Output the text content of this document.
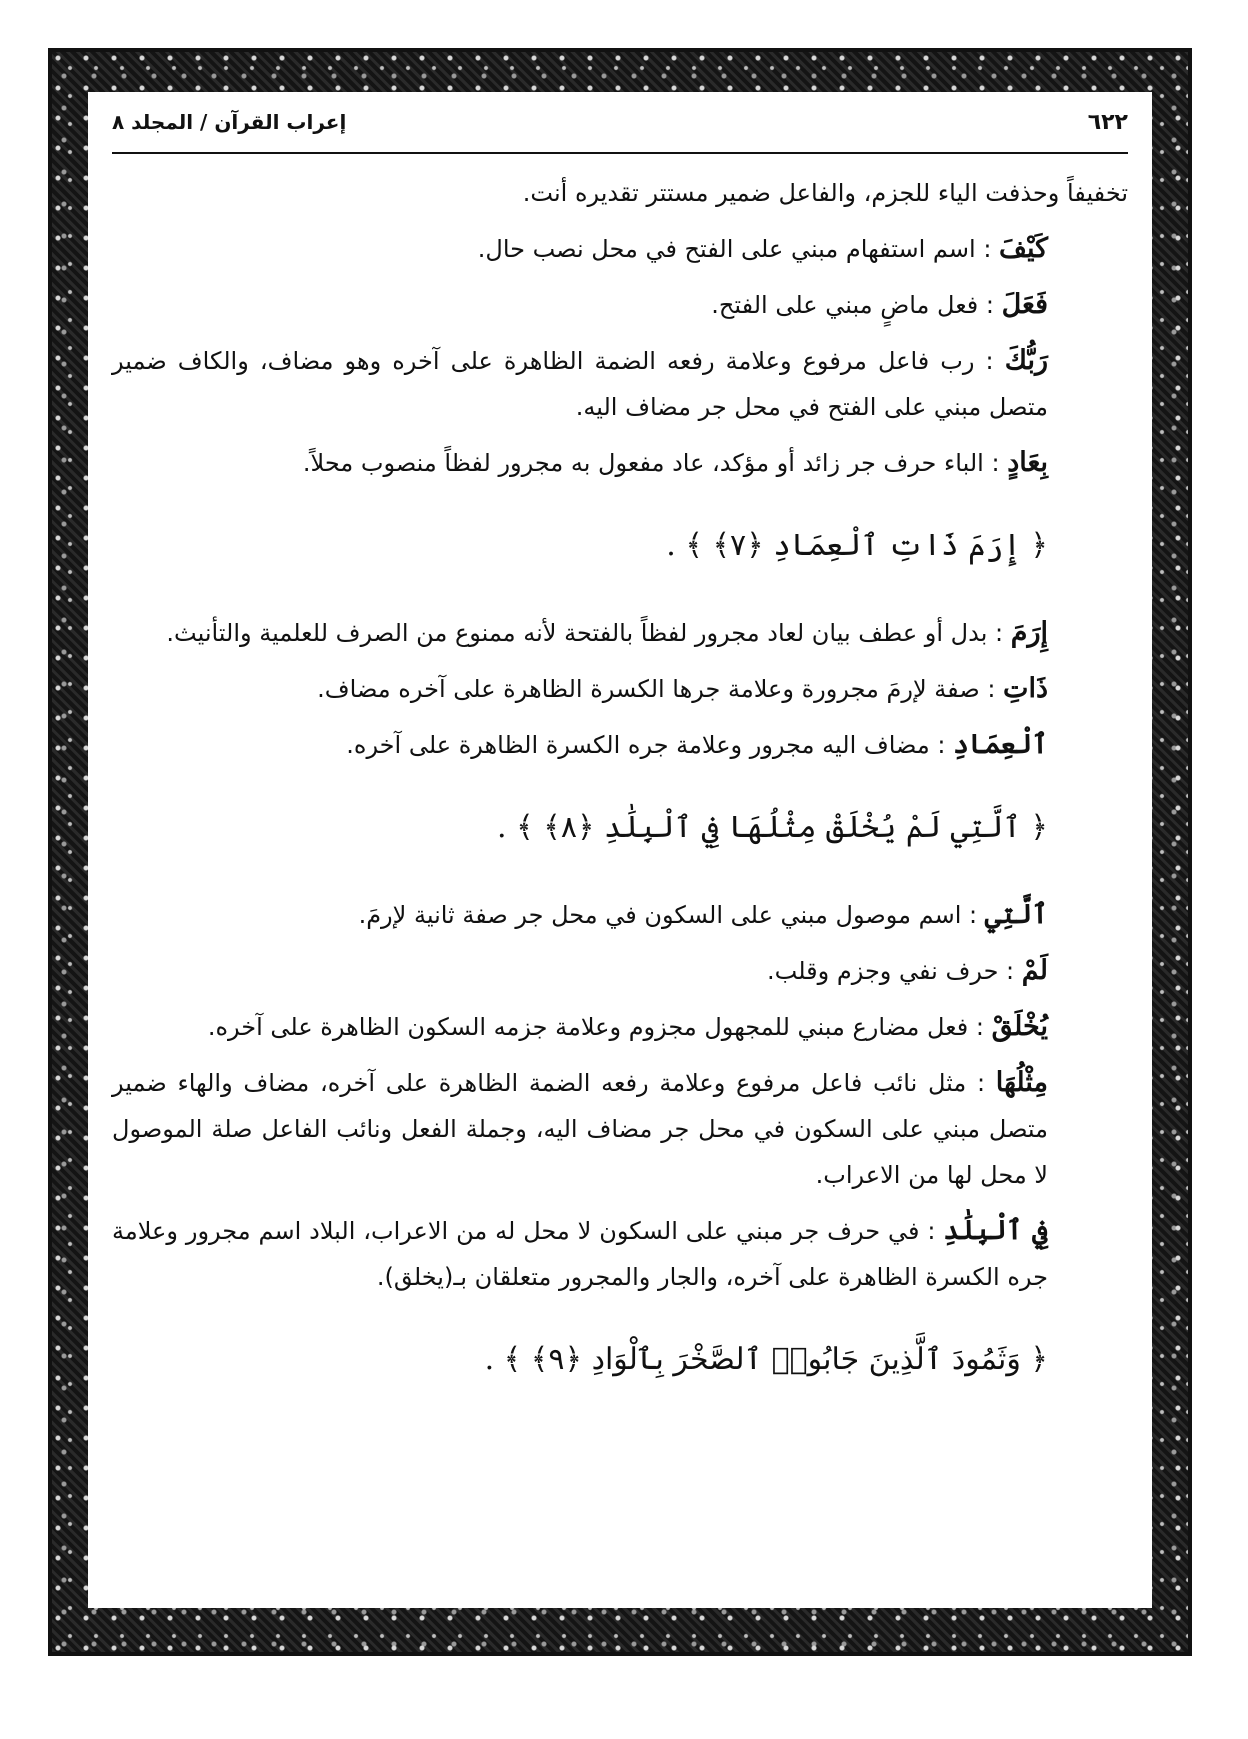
٦٢٢
إعراب القرآن / المجلد ٨

تخفيفاً وحذفت الياء للجزم، والفاعل ضمير مستتر تقديره أنت.

كَيْفَ : اسم استفهام مبني على الفتح في محل نصب حال.

فَعَلَ : فعل ماضٍ مبني على الفتح.

رَبُّكَ : رب فاعل مرفوع وعلامة رفعه الضمة الظاهرة على آخره وهو مضاف، والكاف ضمير متصل مبني على الفتح في محل جر مضاف اليه.

بِعَادٍ : الباء حرف جر زائد أو مؤكد، عاد مفعول به مجرور لفظاً منصوب محلاً.

﴿ إِرَمَ ذَاتِ ٱلْعِمَادِ ﴿٧﴾ ﴾ .

إِرَمَ : بدل أو عطف بيان لعاد مجرور لفظاً بالفتحة لأنه ممنوع من الصرف للعلمية والتأنيث.

ذَاتِ : صفة لإرمَ مجرورة وعلامة جرها الكسرة الظاهرة على آخره مضاف.

ٱلْعِمَادِ : مضاف اليه مجرور وعلامة جره الكسرة الظاهرة على آخره.

﴿ ٱلَّتِي لَمْ يُخْلَقْ مِثْلُهَا فِي ٱلْبِلَٰدِ ﴿٨﴾ ﴾ .

ٱلَّتِي : اسم موصول مبني على السكون في محل جر صفة ثانية لإرمَ.

لَمْ : حرف نفي وجزم وقلب.

يُخْلَقْ : فعل مضارع مبني للمجهول مجزوم وعلامة جزمه السكون الظاهرة على آخره.

مِثْلُهَا : مثل نائب فاعل مرفوع وعلامة رفعه الضمة الظاهرة على آخره، مضاف والهاء ضمير متصل مبني على السكون في محل جر مضاف اليه، وجملة الفعل ونائب الفاعل صلة الموصول لا محل لها من الاعراب.

فِي ٱلْبِلَٰدِ : في حرف جر مبني على السكون لا محل له من الاعراب، البلاد اسم مجرور وعلامة جره الكسرة الظاهرة على آخره، والجار والمجرور متعلقان بـ(يخلق).

﴿ وَثَمُودَ ٱلَّذِينَ جَابُوا۟ ٱلصَّخْرَ بِٱلْوَادِ ﴿٩﴾ ﴾ .
